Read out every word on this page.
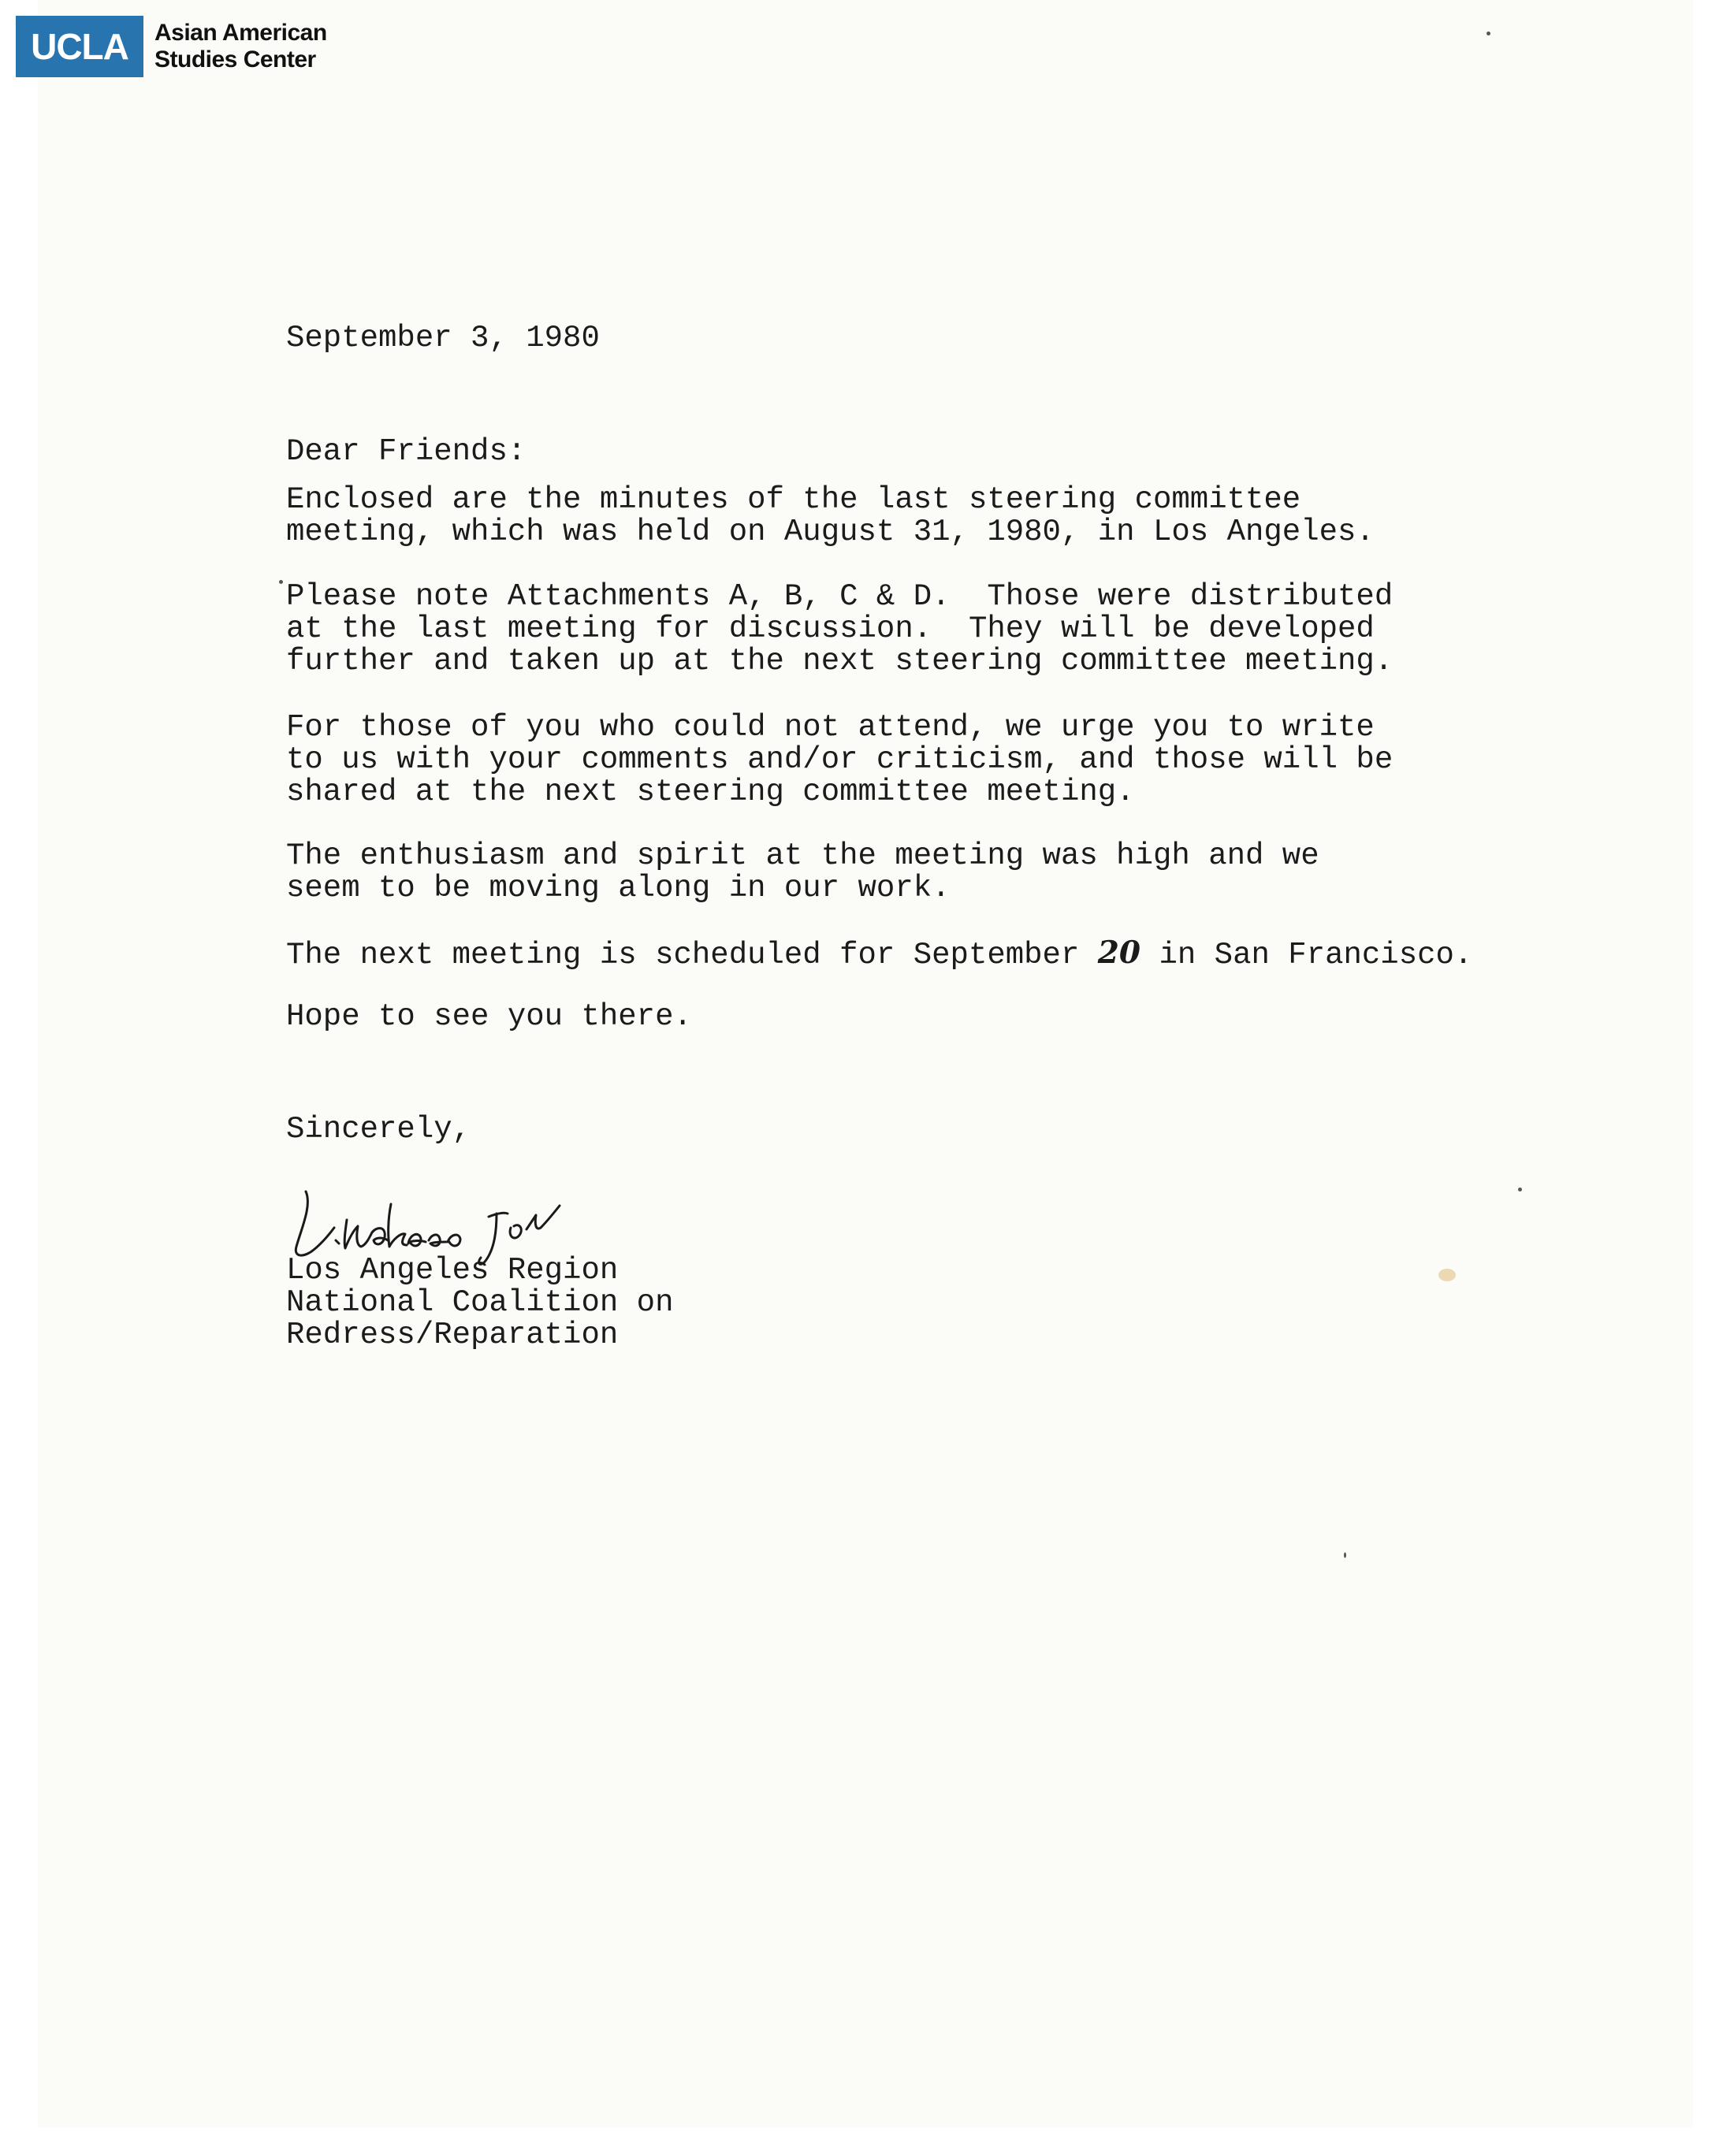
UCLA	Asian American
Studies Center

September 3, 1980

Dear Friends:

Enclosed are the minutes of the last steering committee

meeting, which was held on August 31, 1980, in Los Angeles.

Please note Attachments A, B, C & D.  Those were distributed

at the last meeting for discussion.  They will be developed

further and taken up at the next steering committee meeting.

For those of you who could not attend, we urge you to write

to us with your comments and/or criticism, and those will be

shared at the next steering committee meeting.

The enthusiasm and spirit at the meeting was high and we

seem to be moving along in our work.

The next meeting is scheduled for September 20 in San Francisco.

Hope to see you there.

Sincerely,

Los Angeles Region

National Coalition on

Redress/Reparation
